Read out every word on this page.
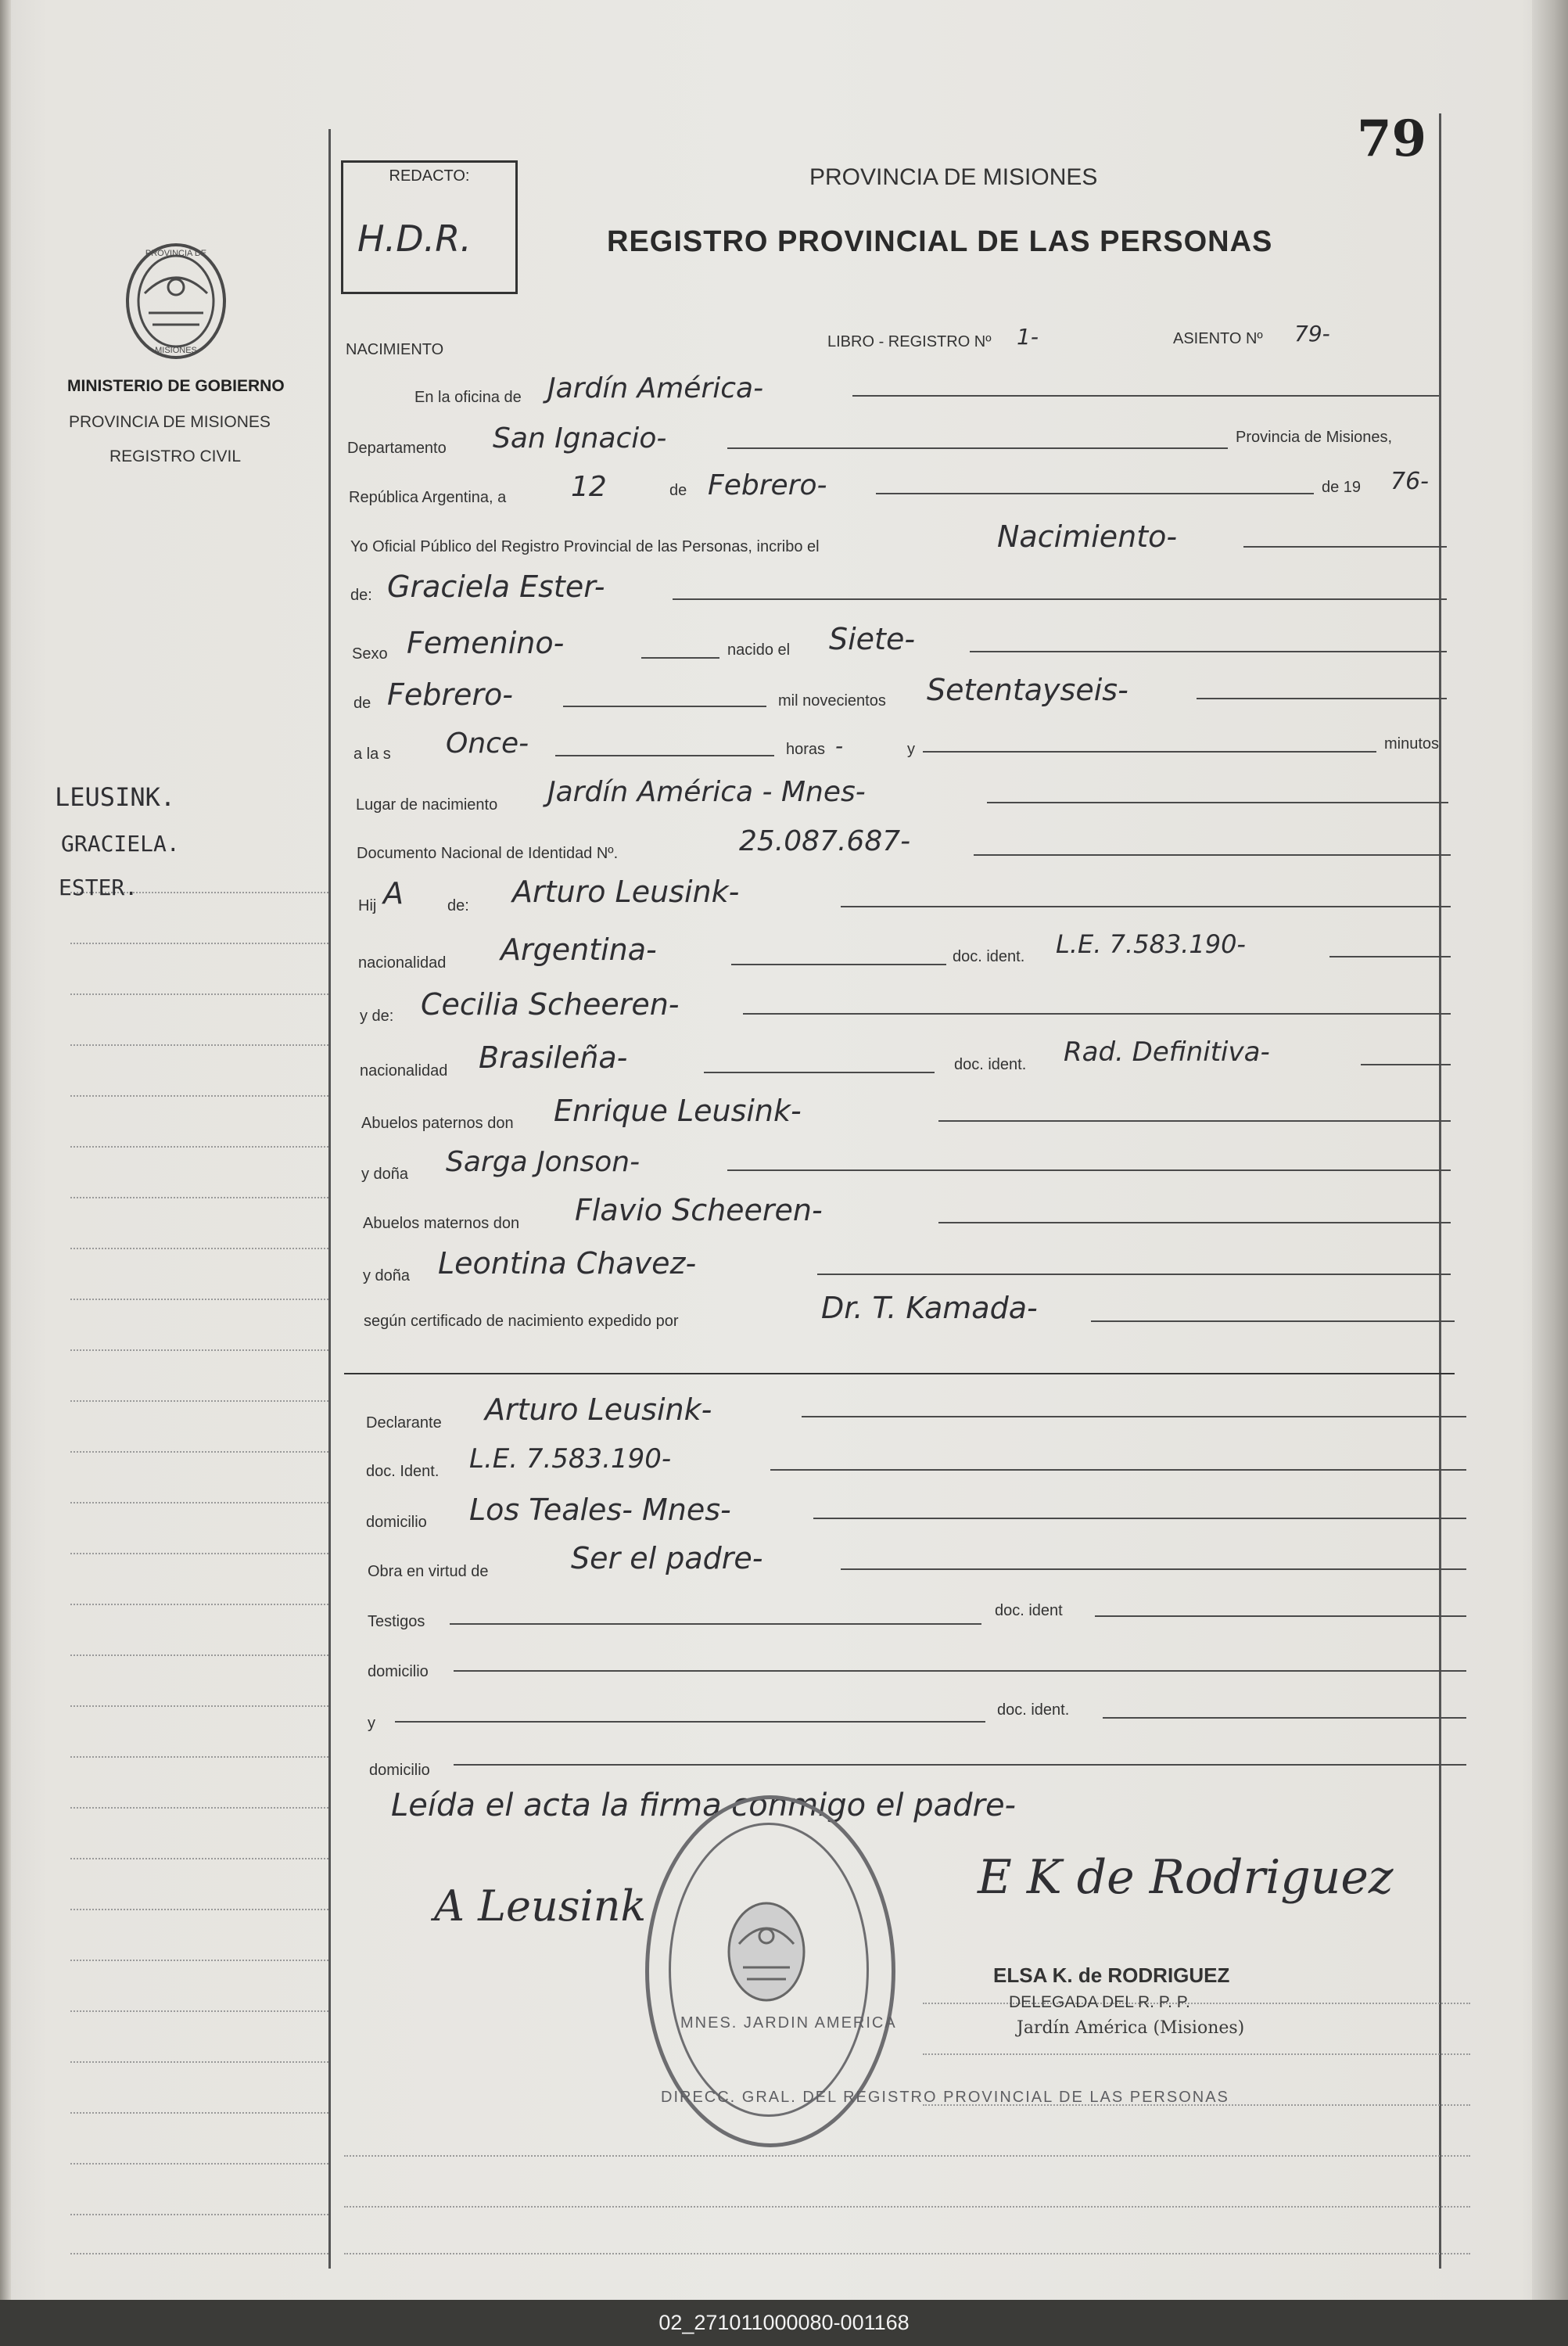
79
REDACTO:
H.D.R.
PROVINCIA DE MISIONES
REGISTRO PROVINCIAL DE LAS PERSONAS
PROVINCIA DE
MISIONES
MINISTERIO DE GOBIERNO
PROVINCIA DE MISIONES
REGISTRO CIVIL
NACIMIENTO	LIBRO - REGISTRO Nº 1-	ASIENTO Nº 79-
LEUSINK.
GRACIELA.
ESTER.
En la oficina de Jardín América-
Departamento San Ignacio-	Provincia de Misiones,
República Argentina, a 12	de Febrero-	de 19 76-
Yo Oficial Público del Registro Provincial de las Personas, incribo el	Nacimiento-
de: Graciela Ester-
Sexo Femenino-	nacido el Siete-
de Febrero-	mil novecientos Setentayseis-
a la s Once-	horas -	y	minutos
Lugar de nacimiento Jardín América - Mnes-
Documento Nacional de Identidad Nº.	25.087.687-
Hij A	de: Arturo Leusink-
nacionalidad Argentina-	doc. ident. L.E. 7.583.190-
y de: Cecilia Scheeren-
nacionalidad Brasileña-	doc. ident. Rad. Definitiva-
Abuelos paternos don Enrique Leusink-
y doña Sarga Jonson-
Abuelos maternos don Flavio Scheeren-
y doña Leontina Chavez-
según certificado de nacimiento expedido por	Dr. T. Kamada-
Declarante Arturo Leusink-
doc. Ident. L.E. 7.583.190-
domicilio Los Teales- Mnes-
Obra en virtud de	Ser el padre-
Testigos
doc. ident
domicilio
y
doc. ident.
domicilio
Leída el acta la firma conmigo el padre-
DIRECC. GRAL. DEL REGISTRO PROVINCIAL DE LAS PERSONAS
MNES. JARDIN AMERICA
A Leusink
E K de Rodriguez
ELSA K. de RODRIGUEZ
DELEGADA DEL R. P. P.
Jardín América (Misiones)
02_271011000080-001168
